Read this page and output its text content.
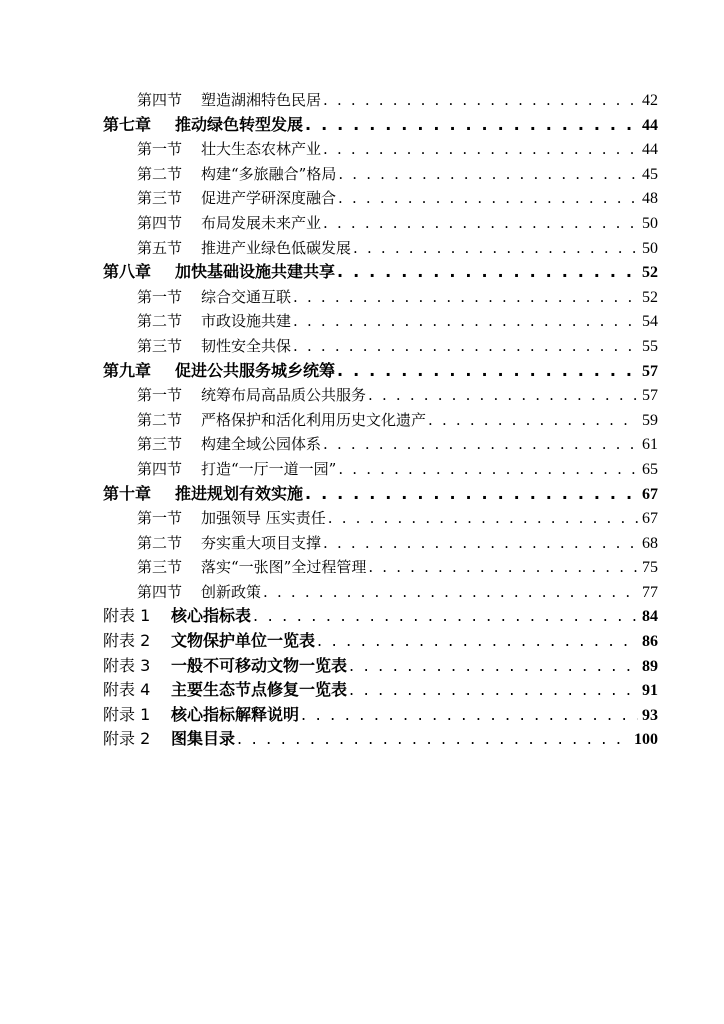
第四节 塑造湖湘特色民居 . . .	42
第七章 推动绿色转型发展 . . .	44
第一节 壮大生态农林产业 . . .	44
第二节 构建“多旅融合”格局 . . .	45
第三节 促进产学研深度融合 . . .	48
第四节 布局发展未来产业 . . .	50
第五节 推进产业绿色低碳发展 . . .	50
第八章 加快基础设施共建共享 . . .	52
第一节 综合交通互联 . . .	52
第二节 市政设施共建 . . .	54
第三节 韧性安全共保 . . .	55
第九章 促进公共服务城乡统筹 . . .	57
第一节 统筹布局高品质公共服务 . . .	57
第二节 严格保护和活化利用历史文化遗产 . . .	59
第三节 构建全域公园体系 . . .	61
第四节 打造“一厅一道一园” . . .	65
第十章 推进规划有效实施 . . .	67
第一节 加强领导 压实责任 . . .	67
第二节 夯实重大项目支撑 . . .	68
第三节 落实“一张图”全过程管理 . . .	75
第四节 创新政策 . . .	77
附表 1 核心指标表 . . .	84
附表 2 文物保护单位一览表 . . .	86
附表 3 一般不可移动文物一览表 . . .	89
附表 4 主要生态节点修复一览表 . . .	91
附录 1 核心指标解释说明 . . .	93
附录 2 图集目录 . . .	100
